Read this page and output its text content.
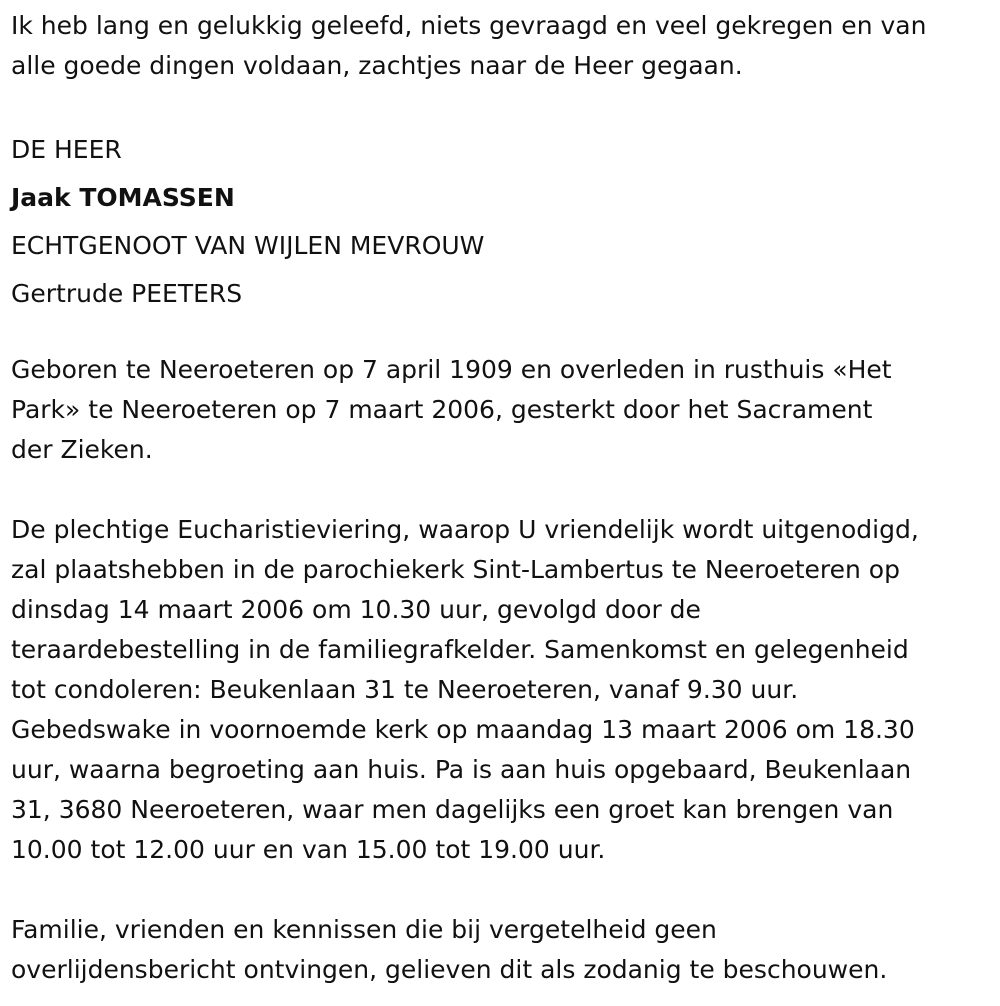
Ik heb lang en gelukkig geleefd, niets gevraagd en veel gekregen en van
alle goede dingen voldaan, zachtjes naar de Heer gegaan.
DE HEER
Jaak TOMASSEN
ECHTGENOOT VAN WIJLEN MEVROUW
Gertrude PEETERS
Geboren te Neeroeteren op 7 april 1909 en overleden in rusthuis «Het
Park» te Neeroeteren op 7 maart 2006, gesterkt door het Sacrament
der Zieken.
De plechtige Eucharistieviering, waarop U vriendelijk wordt uitgenodigd,
zal plaatshebben in de parochiekerk Sint-Lambertus te Neeroeteren op
dinsdag 14 maart 2006 om 10.30 uur, gevolgd door de
teraardebestelling in de familiegrafkelder. Samenkomst en gelegenheid
tot condoleren: Beukenlaan 31 te Neeroeteren, vanaf 9.30 uur.
Gebedswake in voornoemde kerk op maandag 13 maart 2006 om 18.30
uur, waarna begroeting aan huis. Pa is aan huis opgebaard, Beukenlaan
31, 3680 Neeroeteren, waar men dagelijks een groet kan brengen van
10.00 tot 12.00 uur en van 15.00 tot 19.00 uur.
Familie, vrienden en kennissen die bij vergetelheid geen
overlijdensbericht ontvingen, gelieven dit als zodanig te beschouwen.
